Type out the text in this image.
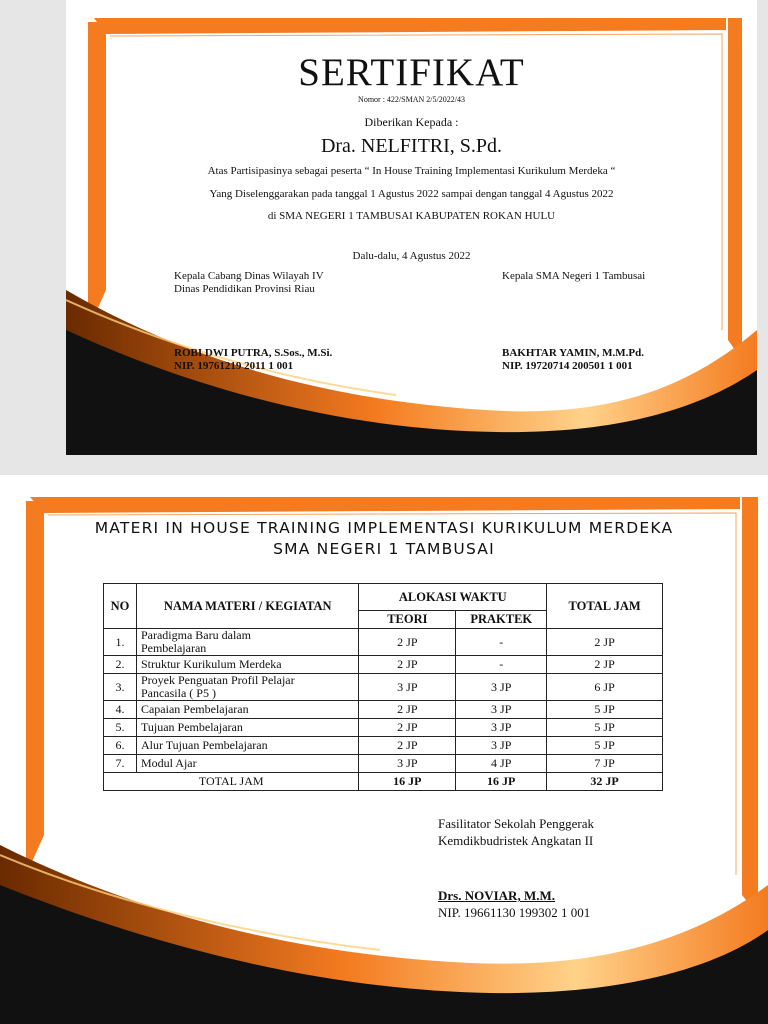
SERTIFIKAT
Nomor : 422/SMAN 2/5/2022/43
Diberikan Kepada :
Dra. NELFITRI, S.Pd.
Atas Partisipasinya sebagai peserta “ In House Training Implementasi Kurikulum Merdeka “
Yang Diselenggarakan pada tanggal 1 Agustus 2022 sampai dengan tanggal 4 Agustus 2022
di SMA NEGERI 1 TAMBUSAI KABUPATEN ROKAN HULU
Dalu-dalu, 4 Agustus 2022
Kepala Cabang Dinas Wilayah IV
Dinas Pendidikan Provinsi Riau
ROBI DWI PUTRA, S.Sos., M.Si.
NIP. 19761219 2011 1 001
Kepala SMA Negeri 1 Tambusai
BAKHTAR YAMIN, M.M.Pd.
NIP. 19720714 200501 1 001
MATERI IN HOUSE TRAINING IMPLEMENTASI KURIKULUM MERDEKA
SMA NEGERI 1 TAMBUSAI
NO	NAMA MATERI / KEGIATAN	ALOKASI WAKTU		TOTAL JAM
		TEORI	PRAKTEK	
1.	Paradigma Baru dalam
Pembelajaran	2 JP	-	2 JP
2.	Struktur Kurikulum Merdeka	2 JP	-	2 JP
3.	Proyek Penguatan Profil Pelajar
Pancasila ( P5 )	3 JP	3 JP	6 JP
4.	Capaian Pembelajaran	2 JP	3 JP	5 JP
5.	Tujuan Pembelajaran	2 JP	3 JP	5 JP
6.	Alur Tujuan Pembelajaran	2 JP	3 JP	5 JP
7.	Modul Ajar	3 JP	4 JP	7 JP
TOTAL JAM		16 JP	16 JP	32 JP
Fasilitator Sekolah Penggerak
Kemdikbudristek Angkatan II
Drs. NOVIAR, M.M.
NIP. 19661130 199302 1 001
